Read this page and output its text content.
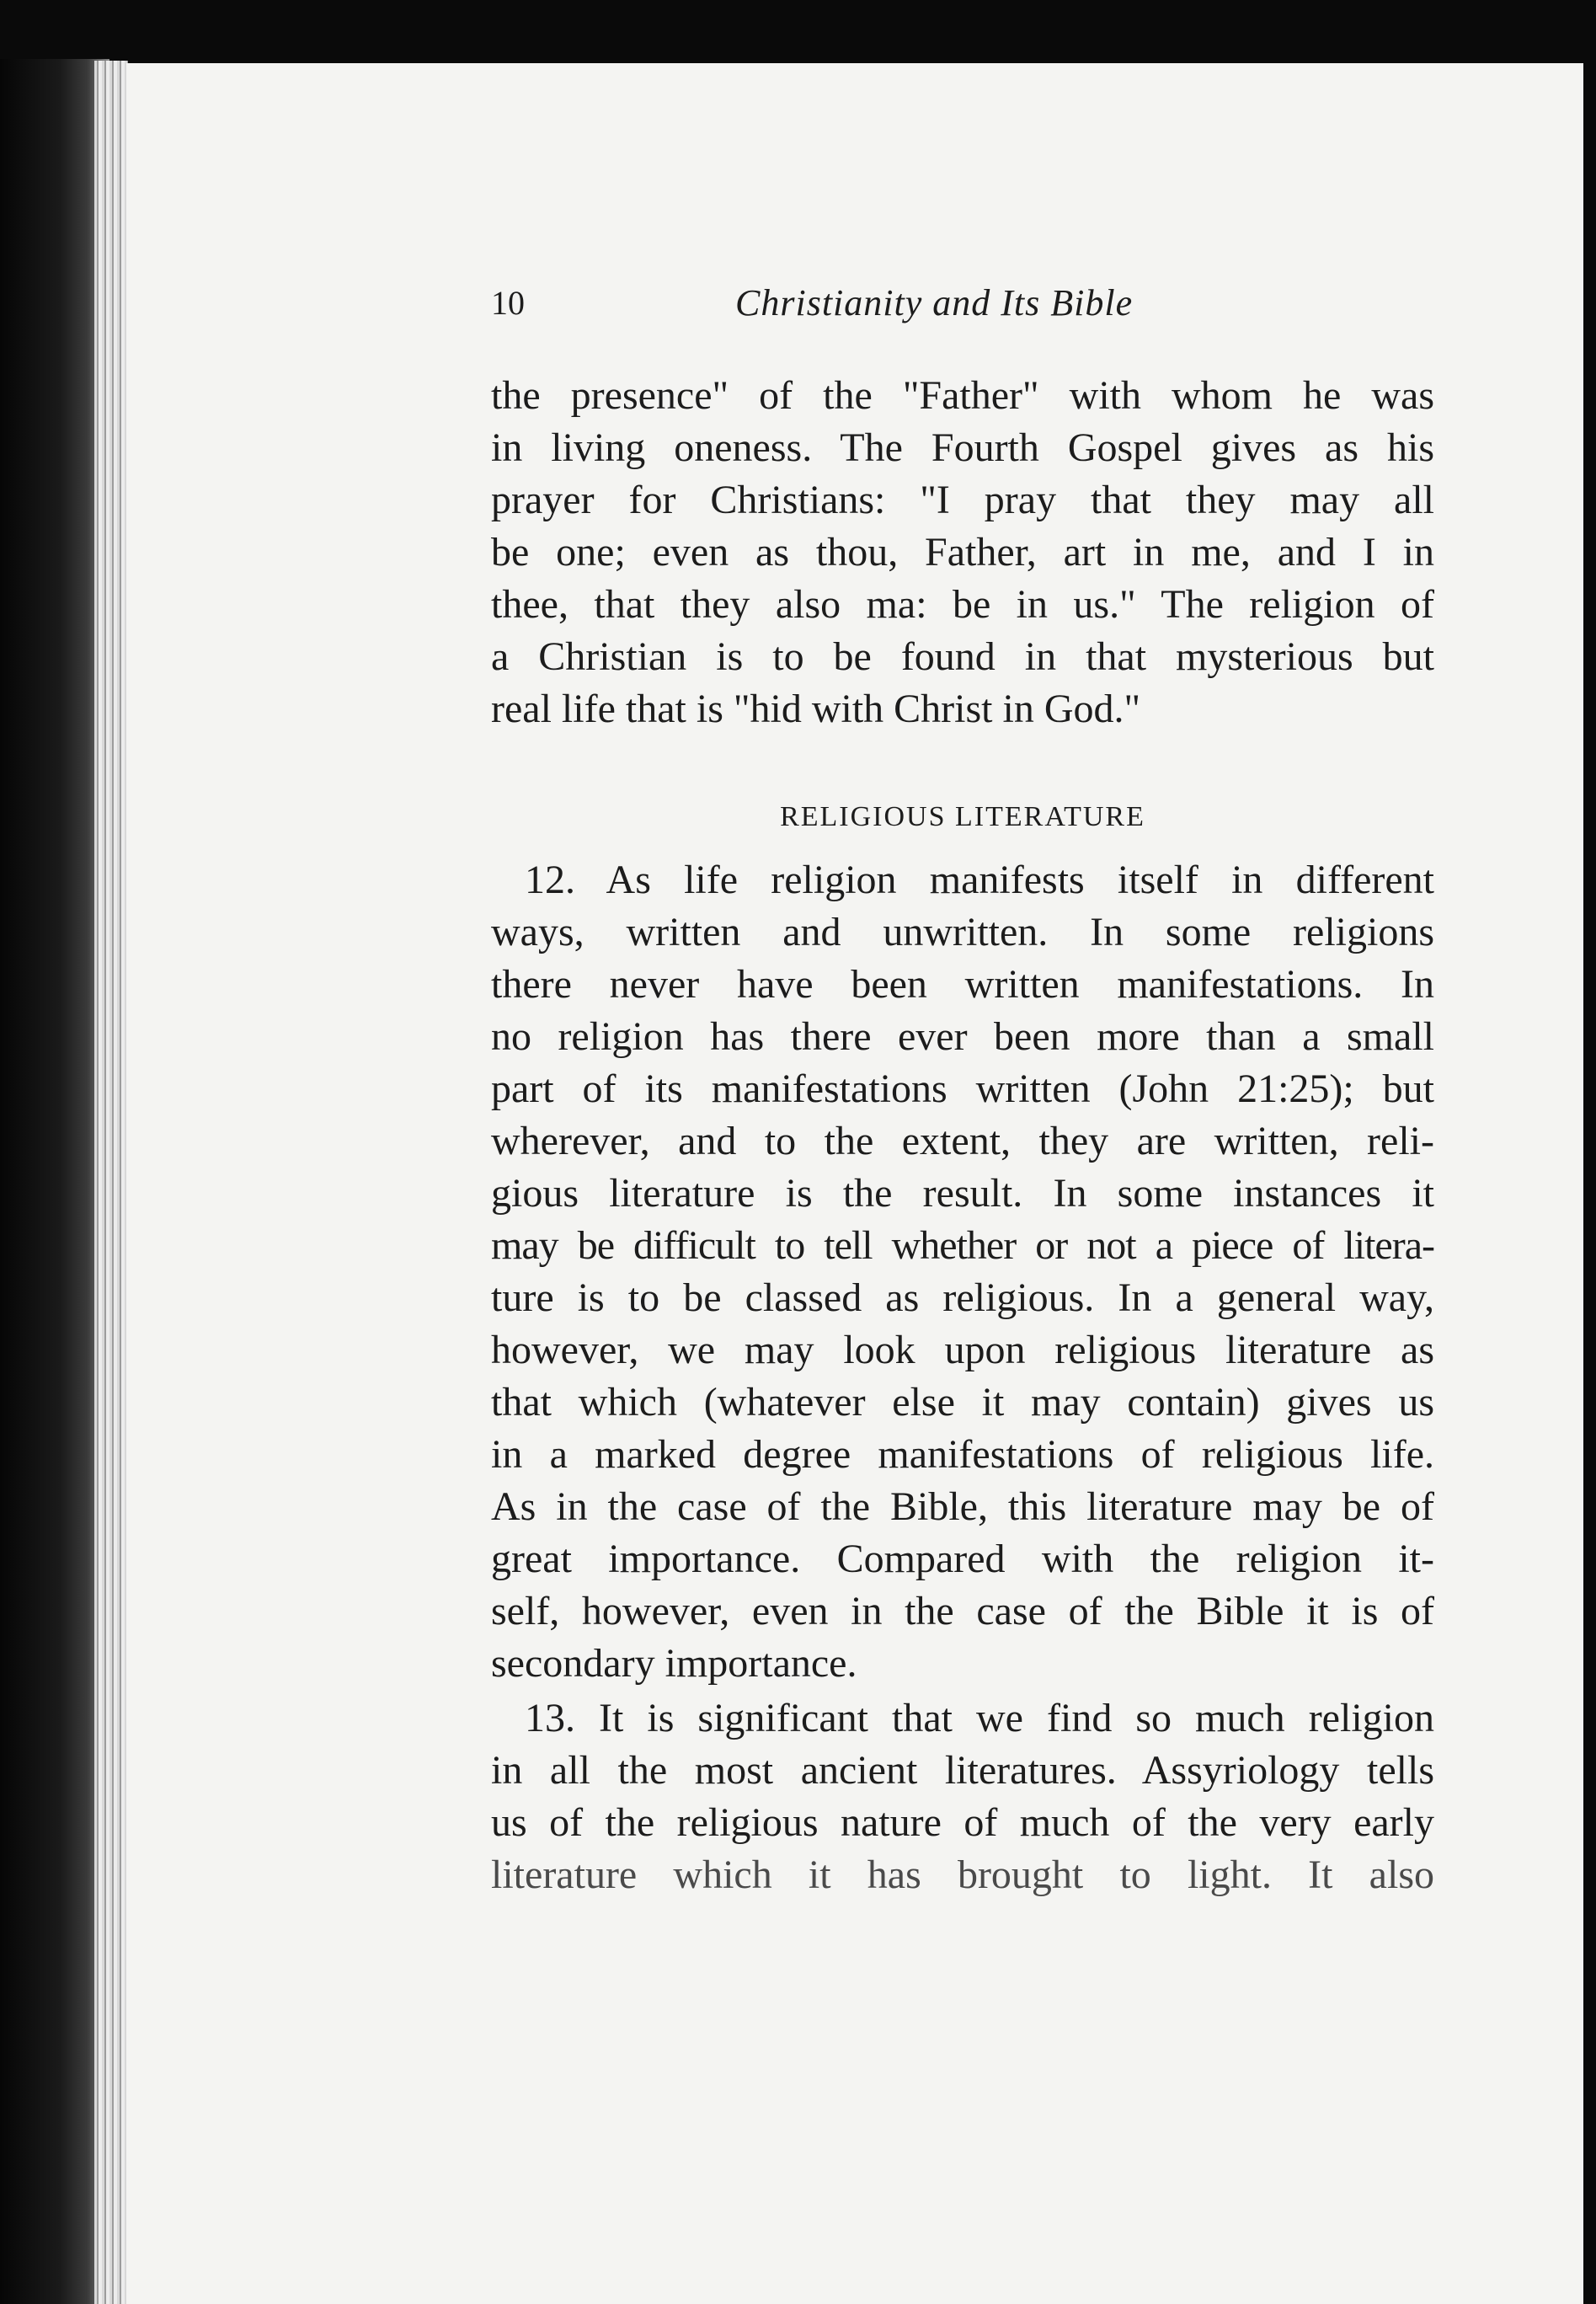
10	Christianity and Its Bible
the presence" of the "Father" with whom he was
in living oneness. The Fourth Gospel gives as his
prayer for Christians: "I pray that they may all
be one; even as thou, Father, art in me, and I in
thee, that they also ma: be in us." The religion of
a Christian is to be found in that mysterious but
real life that is "hid with Christ in God."
RELIGIOUS LITERATURE
12. As life religion manifests itself in different
ways, written and unwritten. In some religions
there never have been written manifestations. In
no religion has there ever been more than a small
part of its manifestations written (John 21:25); but
wherever, and to the extent, they are written, reli-
gious literature is the result. In some instances it
may be difficult to tell whether or not a piece of litera-
ture is to be classed as religious. In a general way,
however, we may look upon religious literature as
that which (whatever else it may contain) gives us
in a marked degree manifestations of religious life.
As in the case of the Bible, this literature may be of
great importance. Compared with the religion it-
self, however, even in the case of the Bible it is of
secondary importance.
13. It is significant that we find so much religion
in all the most ancient literatures. Assyriology tells
us of the religious nature of much of the very early
literature which it has brought to light. It also
